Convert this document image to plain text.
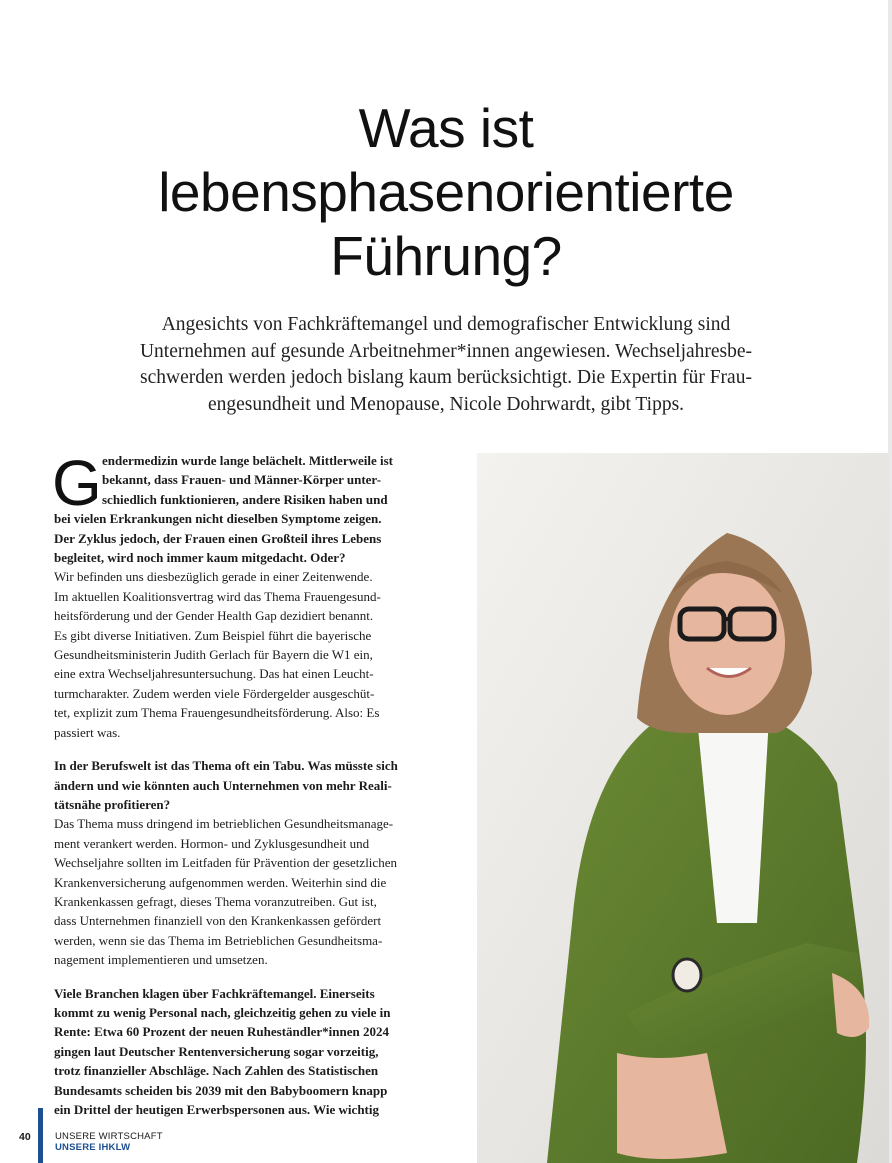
Was ist
lebensphasenorientierte
Führung?

Angesichts von Fachkräftemangel und demografischer Entwicklung sind
Unternehmen auf gesunde Arbeitnehmer*innen angewiesen. Wechseljahresbe-
schwerden werden jedoch bislang kaum berücksichtigt. Die Expertin für Frau-
engesundheit und Menopause, Nicole Dohrwardt, gibt Tipps.

G endermedizin wurde lange belächelt. Mittlerweile ist
bekannt, dass Frauen- und Männer-Körper unter-
schiedlich funktionieren, andere Risiken haben und
bei vielen Erkrankungen nicht dieselben Symptome zeigen.
Der Zyklus jedoch, der Frauen einen Großteil ihres Lebens
begleitet, wird noch immer kaum mitgedacht. Oder?
Wir befinden uns diesbezüglich gerade in einer Zeitenwende.
Im aktuellen Koalitionsvertrag wird das Thema Frauengesund-
heitsförderung und der Gender Health Gap dezidiert benannt.
Es gibt diverse Initiativen. Zum Beispiel führt die bayerische
Gesundheitsministerin Judith Gerlach für Bayern die W1 ein,
eine extra Wechseljahresuntersuchung. Das hat einen Leucht-
turmcharakter. Zudem werden viele Fördergelder ausgeschüt-
tet, explizit zum Thema Frauengesundheitsförderung. Also: Es
passiert was.
In der Berufswelt ist das Thema oft ein Tabu. Was müsste sich
ändern und wie könnten auch Unternehmen von mehr Reali-
tätsnähe profitieren?
Das Thema muss dringend im betrieblichen Gesundheitsmanage-
ment verankert werden. Hormon- und Zyklusgesundheit und
Wechseljahre sollten im Leitfaden für Prävention der gesetzlichen
Krankenversicherung aufgenommen werden. Weiterhin sind die
Krankenkassen gefragt, dieses Thema voranzutreiben. Gut ist,
dass Unternehmen finanziell von den Krankenkassen gefördert
werden, wenn sie das Thema im Betrieblichen Gesundheitsma-
nagement implementieren und umsetzen.
Viele Branchen klagen über Fachkräftemangel. Einerseits
kommt zu wenig Personal nach, gleichzeitig gehen zu viele in
Rente: Etwa 60 Prozent der neuen Ruheständler*innen 2024
gingen laut Deutscher Rentenversicherung sogar vorzeitig,
trotz finanzieller Abschläge. Nach Zahlen des Statistischen
Bundesamts scheiden bis 2039 mit den Babyboomern knapp
ein Drittel der heutigen Erwerbspersonen aus. Wie wichtig
40	UNSERE WIRTSCHAFT
UNSERE IHKLW
